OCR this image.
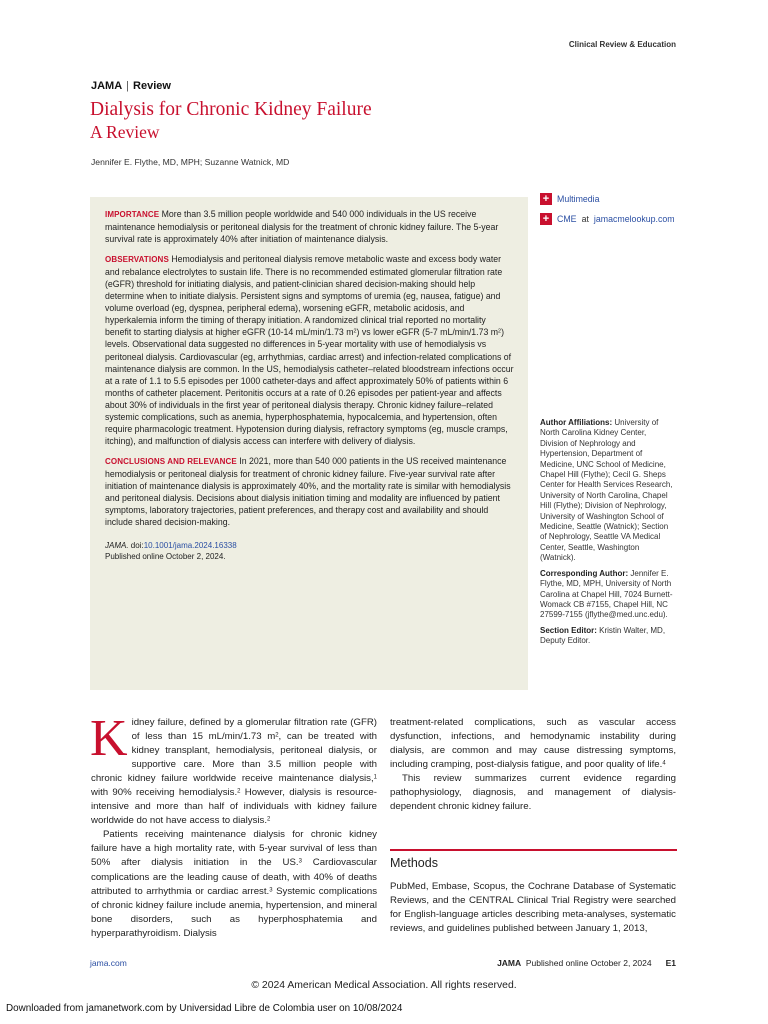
Clinical Review & Education
JAMA | Review
Dialysis for Chronic Kidney Failure
A Review
Jennifer E. Flythe, MD, MPH; Suzanne Watnick, MD

IMPORTANCE More than 3.5 million people worldwide and 540 000 individuals in the US receive maintenance hemodialysis or peritoneal dialysis for the treatment of chronic kidney failure. The 5-year survival rate is approximately 40% after initiation of maintenance dialysis.

OBSERVATIONS Hemodialysis and peritoneal dialysis remove metabolic waste and excess body water and rebalance electrolytes to sustain life. There is no recommended estimated glomerular filtration rate (eGFR) threshold for initiating dialysis, and patient-clinician shared decision-making should help determine when to initiate dialysis. Persistent signs and symptoms of uremia (eg, nausea, fatigue) and volume overload (eg, dyspnea, peripheral edema), worsening eGFR, metabolic acidosis, and hyperkalemia inform the timing of therapy initiation. A randomized clinical trial reported no mortality benefit to starting dialysis at higher eGFR (10-14 mL/min/1.73 $m^2$) vs lower eGFR (5-7 mL/min/1.73 $m^2$) levels. Observational data suggested no differences in 5-year mortality with use of hemodialysis vs peritoneal dialysis. Cardiovascular (eg, arrhythmias, cardiac arrest) and infection-related complications of maintenance dialysis are common. In the US, hemodialysis catheter–related bloodstream infections occur at a rate of 1.1 to 5.5 episodes per 1000 catheter-days and affect approximately 50% of patients within 6 months of catheter placement. Peritonitis occurs at a rate of 0.26 episodes per patient-year and affects about 30% of individuals in the first year of peritoneal dialysis therapy. Chronic kidney failure–related systemic complications, such as anemia, hyperphosphatemia, hypocalcemia, and hypertension, often require pharmacologic treatment. Hypotension during dialysis, refractory symptoms (eg, muscle cramps, itching), and malfunction of dialysis access can interfere with delivery of dialysis.

CONCLUSIONS AND RELEVANCE In 2021, more than 540 000 patients in the US received maintenance hemodialysis or peritoneal dialysis for treatment of chronic kidney failure. Five-year survival rate after initiation of maintenance dialysis is approximately 40%, and the mortality rate is similar with hemodialysis and peritoneal dialysis. Decisions about dialysis initiation timing and modality are influenced by patient symptoms, laboratory trajectories, patient preferences, and therapy cost and availability and should include shared decision-making.

JAMA. doi:10.1001/jama.2024.16338
Published online October 2, 2024.
+ Multimedia
+ CME at jamacmelookup.com

Author Affiliations: University of North Carolina Kidney Center, Division of Nephrology and Hypertension, Department of Medicine, UNC School of Medicine, Chapel Hill (Flythe); Cecil G. Sheps Center for Health Services Research, University of North Carolina, Chapel Hill (Flythe); Division of Nephrology, University of Washington School of Medicine, Seattle (Watnick); Section of Nephrology, Seattle VA Medical Center, Seattle, Washington (Watnick).

Corresponding Author: Jennifer E. Flythe, MD, MPH, University of North Carolina at Chapel Hill, 7024 Burnett-Womack CB #7155, Chapel Hill, NC 27599-7155 (jflythe@med.unc.edu).

Section Editor: Kristin Walter, MD, Deputy Editor.

Kidney failure, defined by a glomerular filtration rate (GFR) of less than 15 mL/min/1.73 $m^2$, can be treated with kidney transplant, hemodialysis, peritoneal dialysis, or supportive care. More than 3.5 million people with chronic kidney failure worldwide receive maintenance dialysis,$^1$ with 90% receiving hemodialysis.$^2$ However, dialysis is resource-intensive and more than half of individuals with kidney failure worldwide do not have access to dialysis.$^2$

Patients receiving maintenance dialysis for chronic kidney failure have a high mortality rate, with 5-year survival of less than 50% after dialysis initiation in the US.$^3$ Cardiovascular complications are the leading cause of death, with 40% of deaths attributed to arrhythmia or cardiac arrest.$^3$ Systemic complications of chronic kidney failure include anemia, hypertension, and mineral bone disorders, such as hyperphosphatemia and hyperparathyroidism. Dialysis

treatment-related complications, such as vascular access dysfunction, infections, and hemodynamic instability during dialysis, are common and may cause distressing symptoms, including cramping, post-dialysis fatigue, and poor quality of life.$^4$

This review summarizes current evidence regarding pathophysiology, diagnosis, and management of dialysis-dependent chronic kidney failure.

Methods

PubMed, Embase, Scopus, the Cochrane Database of Systematic Reviews, and the CENTRAL Clinical Trial Registry were searched for English-language articles describing meta-analyses, systematic reviews, and guidelines published between January 1, 2013,

jama.com	JAMA Published online October 2, 2024 E1
© 2024 American Medical Association. All rights reserved.
Downloaded from jamanetwork.com by Universidad Libre de Colombia user on 10/08/2024
